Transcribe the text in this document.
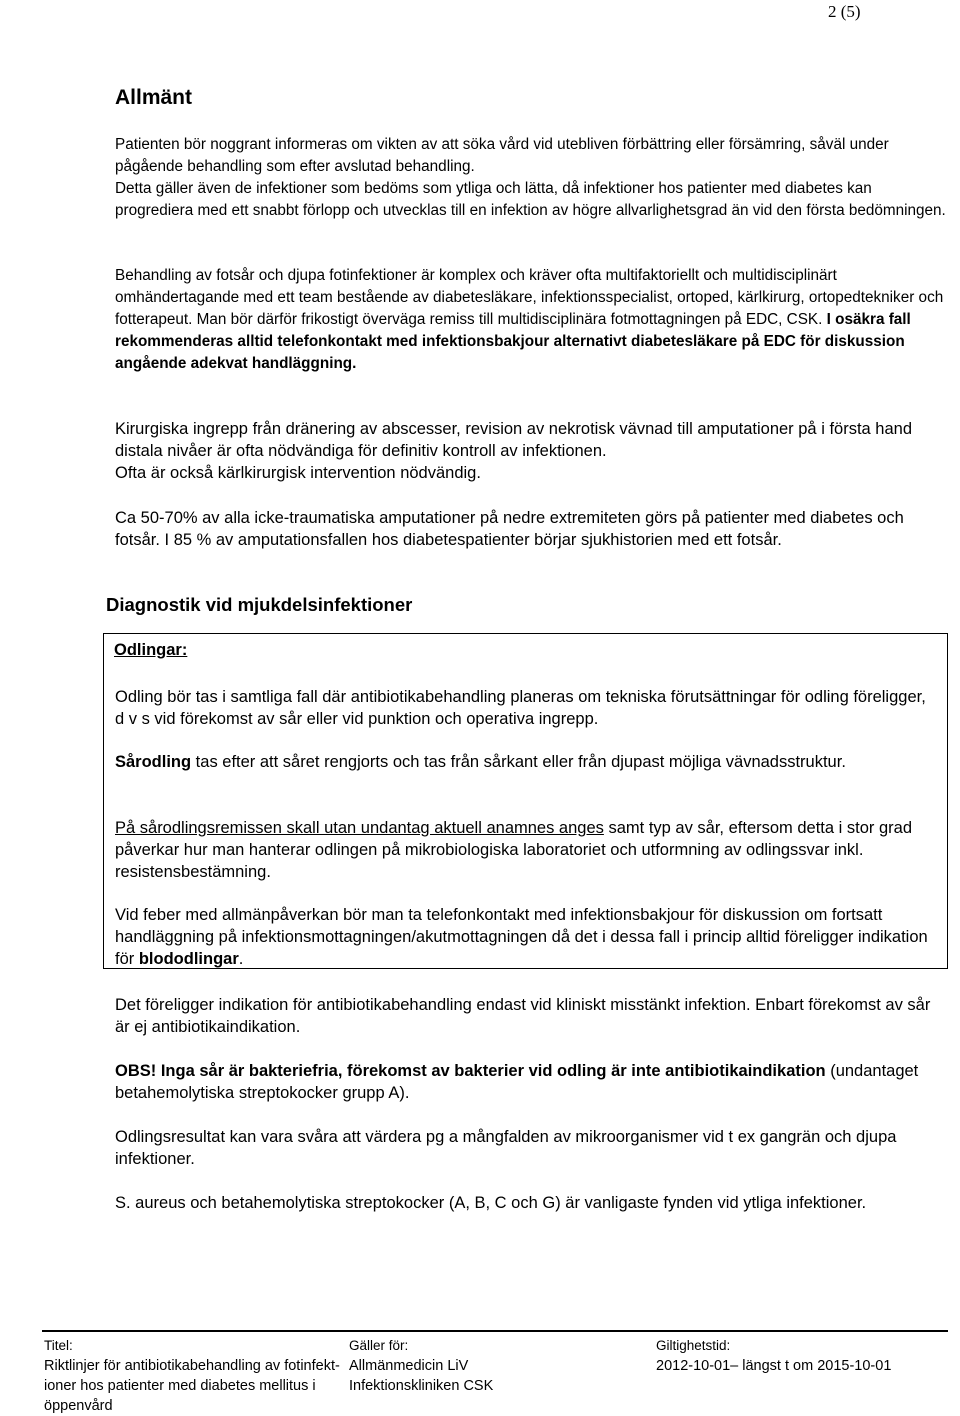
2 (5)
Allmänt

Patienten bör noggrant informeras om vikten av att söka vård vid utebliven förbättring eller försämring, såväl under pågående behandling som efter avslutad behandling.

Detta gäller även de infektioner som bedöms som ytliga och lätta, då infektioner hos patienter med diabetes kan progrediera med ett snabbt förlopp och utvecklas till en infektion av högre allvarlighetsgrad än vid den första bedömningen.

Behandling av fotsår och djupa fotinfektioner är komplex och kräver ofta multifaktoriellt och multidisciplinärt omhändertagande med ett team bestående av diabetesläkare, infektionsspecialist, ortoped, kärlkirurg, ortopedtekniker och fotterapeut. Man bör därför frikostigt överväga remiss till multidisciplinära fotmottagningen på EDC, CSK. I osäkra fall rekommenderas alltid telefonkontakt med infektionsbakjour alternativt diabetesläkare på EDC för diskussion angående adekvat handläggning.

Kirurgiska ingrepp från dränering av abscesser, revision av nekrotisk vävnad till amputationer på i första hand distala nivåer är ofta nödvändiga för definitiv kontroll av infektionen.

Ofta är också kärlkirurgisk intervention nödvändig.

Ca 50-70% av alla icke-traumatiska amputationer på nedre extremiteten görs på patienter med diabetes och fotsår. I 85 % av amputationsfallen hos diabetespatienter börjar sjukhistorien med ett fotsår.

Diagnostik vid mjukdelsinfektioner
Odlingar:

Odling bör tas i samtliga fall där antibiotikabehandling planeras om tekniska förutsättningar för odling föreligger, d v s vid förekomst av sår eller vid punktion och operativa ingrepp.

Sårodling tas efter att såret rengjorts och tas från sårkant eller från djupast möjliga vävnadsstruktur.

På sårodlingsremissen skall utan undantag aktuell anamnes anges samt typ av sår, eftersom detta i stor grad påverkar hur man hanterar odlingen på mikrobiologiska laboratoriet och utformning av odlingssvar inkl. resistensbestämning.

Vid feber med allmänpåverkan bör man ta telefonkontakt med infektionsbakjour för diskussion om fortsatt handläggning på infektionsmottagningen/akutmottagningen då det i dessa fall i princip alltid föreligger indikation för blododlingar.

Det föreligger indikation för antibiotikabehandling endast vid kliniskt misstänkt infektion. Enbart förekomst av sår är ej antibiotikaindikation.

OBS! Inga sår är bakteriefria, förekomst av bakterier vid odling är inte antibiotikaindikation (undantaget betahemolytiska streptokocker grupp A).

Odlingsresultat kan vara svåra att värdera pg a mångfalden av mikroorganismer vid t ex gangrän och djupa infektioner.

S. aureus och betahemolytiska streptokocker (A, B, C och G) är vanligaste fynden vid ytliga infektioner.

Titel:
Riktlinjer för antibiotikabehandling av fotinfekt-
ioner hos patienter med diabetes mellitus i
öppenvård
Gäller för:
Allmänmedicin LiV
Infektionskliniken CSK
Giltighetstid:
2012-10-01– längst t om 2015-10-01
